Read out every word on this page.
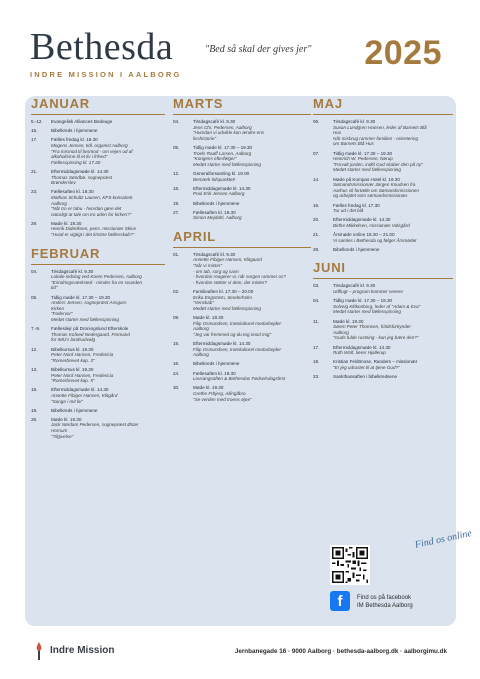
Bethesda
INDRE MISSION I AALBORG
"Bed så skal der gives jer" 2025
JANUAR
5.-12.	Evangelisk Alliances Bedeuge
15.	Bibelkreds i hjemmene
17.	Fælles fredag kl. 18.30
Mogens Jensen, tidl. organist Aalborg
"Fra mismod til livsmod - om vejen ud af
alkoholisme til et liv i frihed"
Fællesspisning kl. 17.30
21.	Eftermiddagsmøde kl. 14.30
Thomas Søndbø, sognepræst
Brønderslev
23.	Fællesaften kl. 19.30
Mathias Schultz Lausen, KFS-konsulent
Aalborg
"Når tro er tabu - hvordan gøre det
naturligt at tale om tro uden for kirken?"
29.	Møde kl. 19.30
Henrik Dideriksen, pens. missionær Skive
"Hvad er vigtigt i det kristne fællesskab?"
FEBRUAR
04.	Tirsdagscafé kl. 9.30
Lokale indslag ved Karen Pedersen, Aalborg
"Erindringsværksted - minder fra en svunden
tid"
05.	Tidlig møde kl. 17.30 – 19.30
Anders Jensen, sognepræst Ansgars
Kirken
"Fadervor"
Medøt starter med fællesspisning
7.-9.	Fællesilejr på Droningslund Efterskole
Thomas Kofoed Nedergaard, Fermand
for IMU's landsudvalg
12.	Bibelkursus kl. 19.30
Peter Nord Hansen, Fredericia
"Romerbrevet kap. 3"
13.	Bibelkursus kl. 19.30
Peter Nord Hansen, Fredericia
"Romerbrevet kap. 5"
18.	Eftermiddagsmøde kl. 14.30
Annette Fibiger Hansen, Klitgård
"Sange i mit liv"
19.	Bibelkreds i hjemmene
26.	Møde kl. 19.30
Jack Nørdam Pedersen, sognepræst Øster
Hornum
"Tilgivelse"
MARTS
04.	Tirsdagscafé kl. 9.30
Jens Chr. Pedersen, Aalborg
"Hvordan vi udvikle kan ændre ens
livshistorie"
05.	Tidlig møde kl. 17.30 – 19.30
Troels Raaff Larsen, Aalborg
"Kongens efterfølger"
Medøt starter med fællesspisning
12.	Generalforsamling kl. 19.00
Bemærk tidspunktet!
18.	Eftermiddagsmøde kl. 14.30
Poul Erik Jensen Aalborg
19.	Bibelkreds i hjemmene
27.	Fællesaften kl. 19.30
Simon Mejdahl, Aalborg
APRIL
01.	Tirsdagscafé kl. 9.30
Annette Fibiger Hansen, Klitgaard
"Når vi mister"
- om tab, sorg og savn
- hvordan reagerer vi, når sorgen rammer os?
- hvordan støtter vi dem, der mister?
02.	Familieaften kl. 17.30 – 20.00
Erika Engstrøm, Senderholm
"Venskab"
Medøt starter med fællesspisning
09.	Møde kl. 19.30
Filip Osmundsen, træskulturel medarbejder
Aalborg
"Jeg var fremmed og du tog imod mig"
15.	Eftermiddagsmøde kl. 14.30
Filip Osmundsen, træskulturel medarbejder
Aalborg
16.	Bibelkreds i hjemmene
24.	Fællesaften kl. 19.30
Lovsangsaften & Bethesdas Fødselsdagsfest
30.	Møde kl. 19.30
Grethe Frbjerg, Allingåbro
"Se verden med troens øjne"
MAJ
06.	Tirsdagscafé kl. 9.30
Susan Lundgren Hansen, leder af Barnets Blå
Hus
Når misbrug rammer familien - orientering
om Barnets Blå Hus
07.	Tidlig møde kl. 17.30 – 19.30
Heinrich W. Pedersen, Nørup
"Forvalt jorden, indtil Gud skaber den på ny"
Medøt starter med fællesspisning
14.	Møde på Kompas Hotel kl. 19.30
Sømandsmissionær Jørgen Knudsen fra
Aarhus vil fortælle om Sømandsmissionen
og arbejdet som sømandsmissionær.
16.	Fælles fredag kl. 17.30
Tur ud i det blå
20.	Eftermiddagsmøde kl. 14.30
Birthe Mikkelsen, missionær Valsgård
21.	Årsmøde online 18.30 – 21.00
Vi samles i Bethesda og følger Årsmødet
28.	Bibelkreds i hjemmene
JUNI
03.	Tirsdagscafé kl. 9.30
Udflugt – program kommer senere
04.	Tidlig møde kl. 17.30 – 19.30
Solveig Klitkonborg, leder af "Adam & Eva"
Medøt starter med fællesspisning
11.	Møde kl. 19.30
Søren Peter Thomsen, fritidsforkynder
Aalborg
"Guds fulde rustning - kan jeg bære den?"
17.	Eftermiddagsmøde kl. 14.30
Ruth Wolf, lærer Hjallerup
18.	Kristian Feldtmose, Randers – missionær
"Er jeg udrustet til at tjene Gud?"
23.	Sankthansaften i bibelkredsene
Find os online
f	Find os på facebook
IM Bethesda Aalborg
Indre Mission	Jernbanegade 16 · 9000 Aalborg · bethesda-aalborg.dk · aalborgimu.dk
